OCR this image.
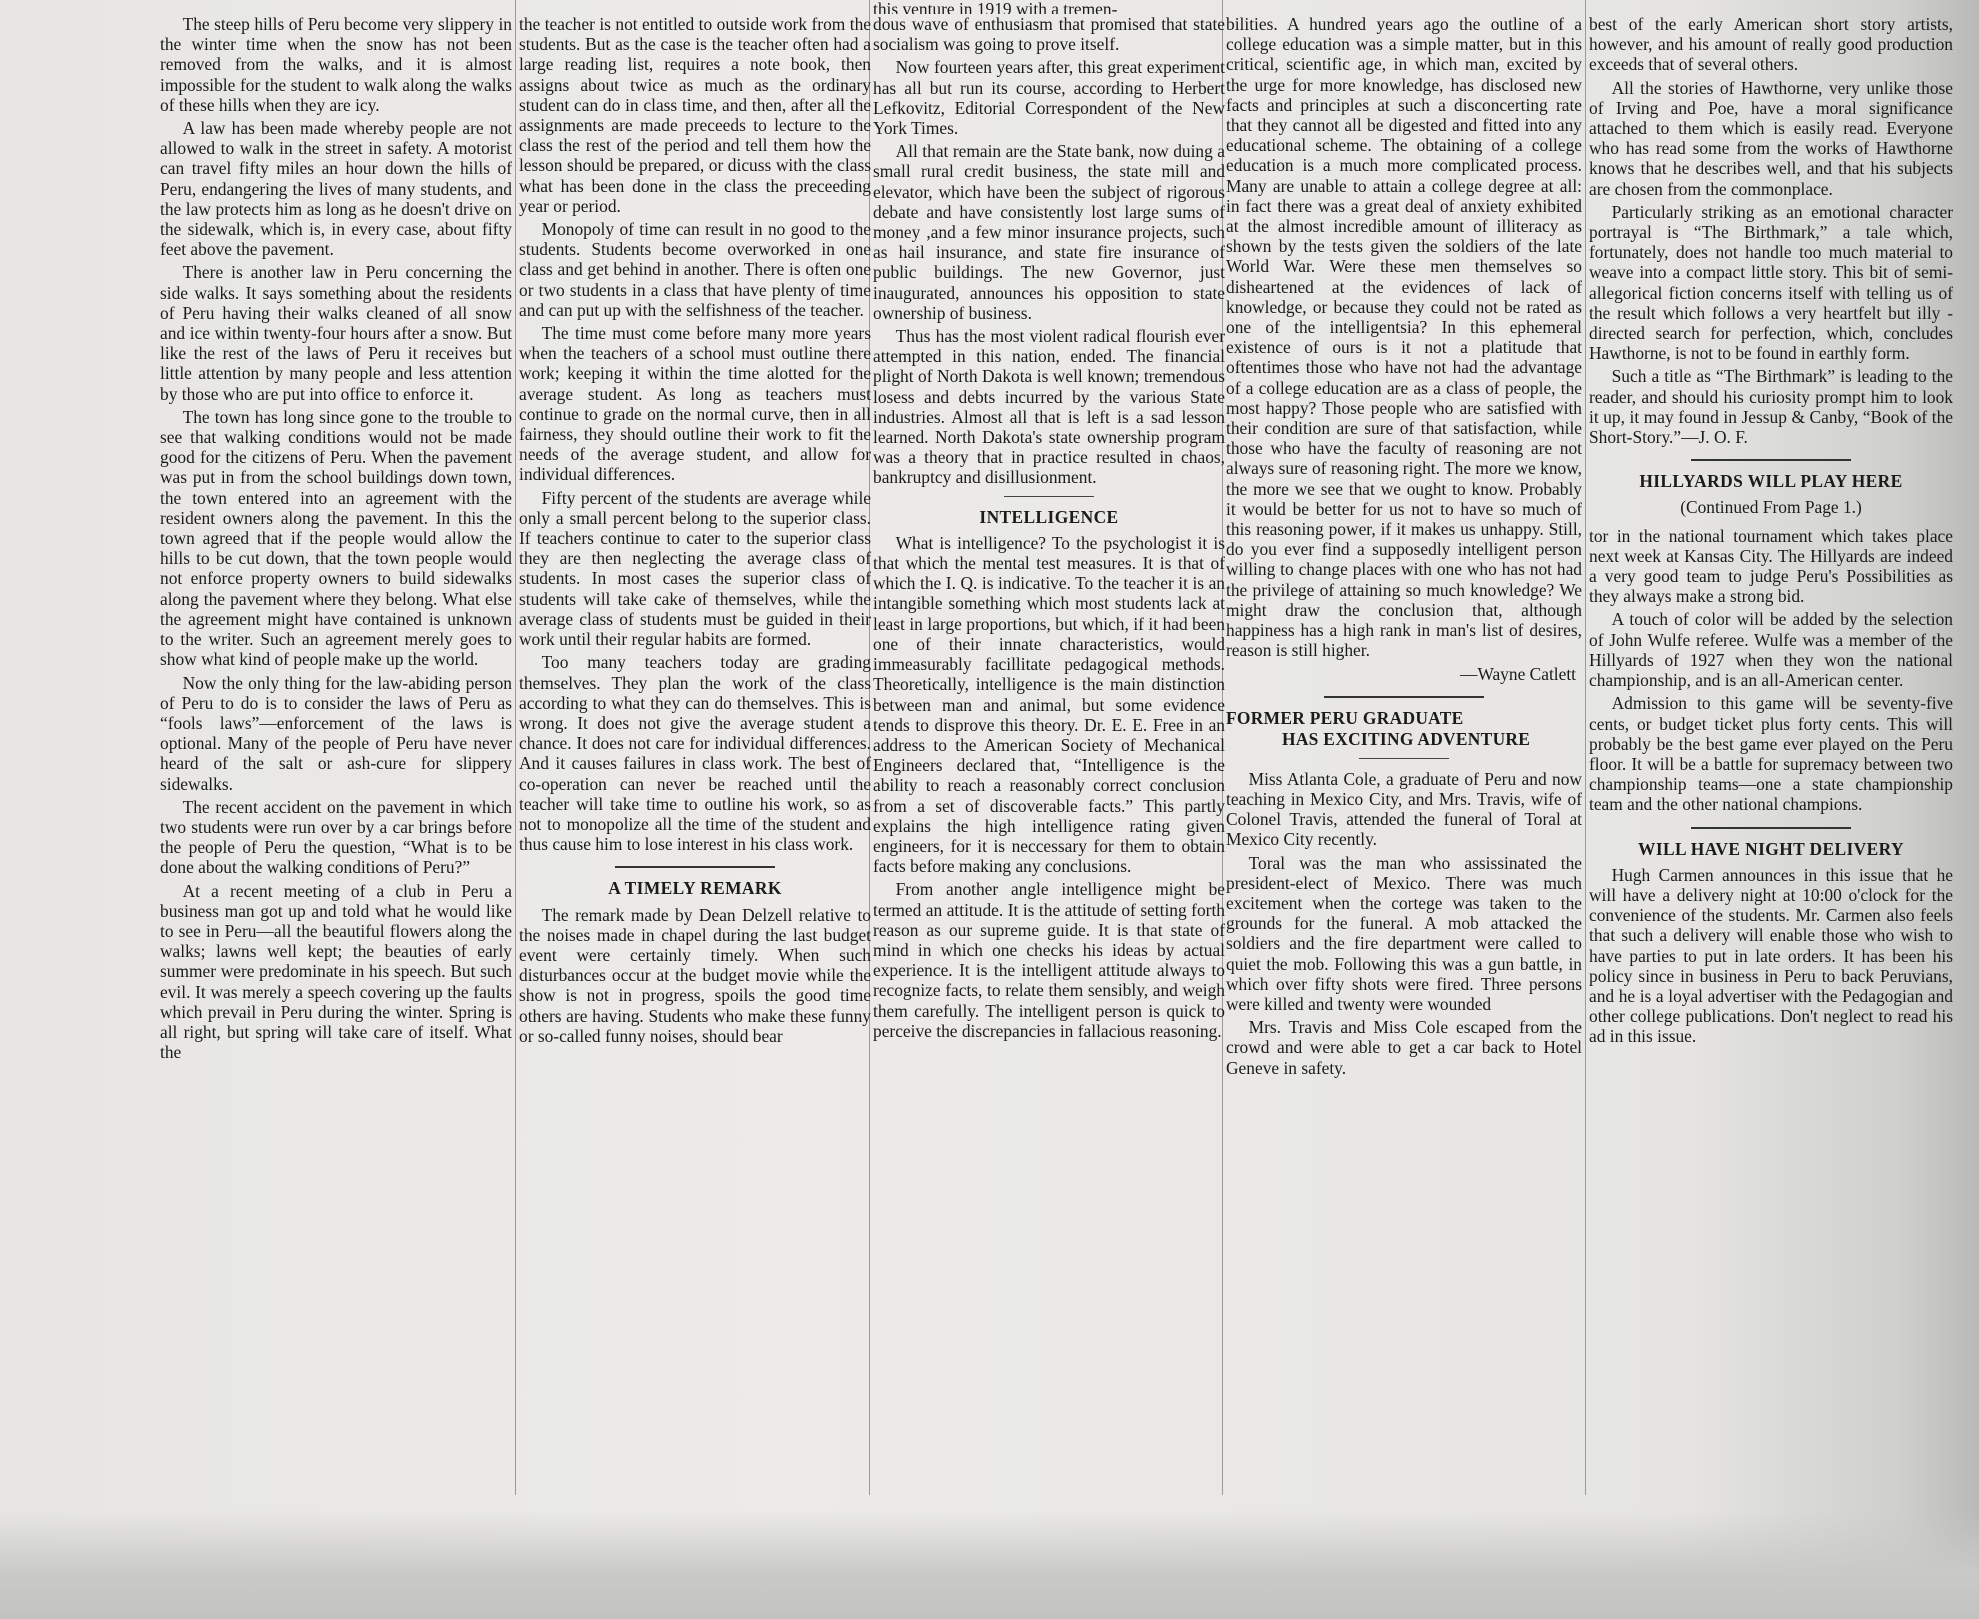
The steep hills of Peru become very slippery in the winter time when the snow has not been removed from the walks, and it is almost impossible for the student to walk along the walks of these hills when they are icy.

A law has been made whereby people are not allowed to walk in the street in safety. A motorist can travel fifty miles an hour down the hills of Peru, endangering the lives of many students, and the law protects him as long as he doesn't drive on the sidewalk, which is, in every case, about fifty feet above the pavement.

There is another law in Peru concerning the side walks. It says something about the residents of Peru having their walks cleaned of all snow and ice within twenty-four hours after a snow. But like the rest of the laws of Peru it receives but little attention by many people and less attention by those who are put into office to enforce it.

The town has long since gone to the trouble to see that walking conditions would not be made good for the citizens of Peru. When the pavement was put in from the school buildings down town, the town entered into an agreement with the resident owners along the pavement. In this the town agreed that if the people would allow the hills to be cut down, that the town people would not enforce property owners to build sidewalks along the pavement where they belong. What else the agreement might have contained is unknown to the writer. Such an agreement merely goes to show what kind of people make up the world.

Now the only thing for the law-abiding person of Peru to do is to consider the laws of Peru as “fools laws”—enforcement of the laws is optional. Many of the people of Peru have never heard of the salt or ash-cure for slippery sidewalks.

The recent accident on the pavement in which two students were run over by a car brings before the people of Peru the question, “What is to be done about the walking conditions of Peru?”

At a recent meeting of a club in Peru a business man got up and told what he would like to see in Peru—all the beautiful flowers along the walks; lawns well kept; the beauties of early summer were predominate in his speech. But such evil. It was merely a speech covering up the faults which prevail in Peru during the winter. Spring is all right, but spring will take care of itself. What the

the teacher is not entitled to outside work from the students. But as the case is the teacher often had a large reading list, requires a note book, then assigns about twice as much as the ordinary student can do in class time, and then, after all the assignments are made preceeds to lecture to the class the rest of the period and tell them how the lesson should be prepared, or dicuss with the class what has been done in the class the preceeding year or period.

Monopoly of time can result in no good to the students. Students become overworked in one class and get behind in another. There is often one or two students in a class that have plenty of time and can put up with the selfishness of the teacher.

The time must come before many more years when the teachers of a school must outline there work; keeping it within the time alotted for the average student. As long as teachers must continue to grade on the normal curve, then in all fairness, they should outline their work to fit the needs of the average student, and allow for individual differences.

Fifty percent of the students are average while only a small percent belong to the superior class. If teachers continue to cater to the superior class they are then neglecting the average class of students. In most cases the superior class of students will take cake of themselves, while the average class of students must be guided in their work until their regular habits are formed.

Too many teachers today are grading themselves. They plan the work of the class according to what they can do themselves. This is wrong. It does not give the average student a chance. It does not care for individual differences. And it causes failures in class work. The best of co-operation can never be reached until the teacher will take time to outline his work, so as not to monopolize all the time of the student and thus cause him to lose interest in his class work.

A TIMELY REMARK

The remark made by Dean Delzell relative to the noises made in chapel during the last budget event were certainly timely. When such disturbances occur at the budget movie while the show is not in progress, spoils the good time others are having. Students who make these funny or so-called funny noises, should bear

this venture in 1919 with a tremen-

dous wave of enthusiasm that promised that state socialism was going to prove itself.

Now fourteen years after, this great experiment has all but run its course, according to Herbert Lefkovitz, Editorial Correspondent of the New York Times.

All that remain are the State bank, now duing a small rural credit business, the state mill and elevator, which have been the subject of rigorous debate and have consistently lost large sums of money ,and a few minor insurance projects, such as hail insurance, and state fire insurance of public buildings. The new Governor, just inaugurated, announces his opposition to state ownership of business.

Thus has the most violent radical flourish ever attempted in this nation, ended. The financial plight of North Dakota is well known; tremendous losess and debts incurred by the various State industries. Almost all that is left is a sad lesson learned. North Dakota's state ownership program was a theory that in practice resulted in chaos, bankruptcy and disillusionment.

INTELLIGENCE

What is intelligence? To the psychologist it is that which the mental test measures. It is that of which the I. Q. is indicative. To the teacher it is an intangible something which most students lack at least in large proportions, but which, if it had been one of their innate characteristics, would immeasurably facillitate pedagogical methods. Theoretically, intelligence is the main distinction between man and animal, but some evidence tends to disprove this theory. Dr. E. E. Free in an address to the American Society of Mechanical Engineers declared that, “Intelligence is the ability to reach a reasonably correct conclusion from a set of discoverable facts.” This partly explains the high intelligence rating given engineers, for it is neccessary for them to obtain facts before making any conclusions.

From another angle intelligence might be termed an attitude. It is the attitude of setting forth reason as our supreme guide. It is that state of mind in which one checks his ideas by actual experience. It is the intelligent attitude always to recognize facts, to relate them sensibly, and weigh them carefully. The intelligent person is quick to perceive the discrepancies in fallacious reasoning.

bilities. A hundred years ago the outline of a college education was a simple matter, but in this critical, scientific age, in which man, excited by the urge for more knowledge, has disclosed new facts and principles at such a disconcerting rate that they cannot all be digested and fitted into any educational scheme. The obtaining of a college education is a much more complicated process. Many are unable to attain a college degree at all: in fact there was a great deal of anxiety exhibited at the almost incredible amount of illiteracy as shown by the tests given the soldiers of the late World War. Were these men themselves so disheartened at the evidences of lack of knowledge, or because they could not be rated as one of the intelligentsia? In this ephemeral existence of ours is it not a platitude that oftentimes those who have not had the advantage of a college education are as a class of people, the most happy? Those people who are satisfied with their condition are sure of that satisfaction, while those who have the faculty of reasoning are not always sure of reasoning right. The more we know, the more we see that we ought to know. Probably it would be better for us not to have so much of this reasoning power, if it makes us unhappy. Still, do you ever find a supposedly intelligent person willing to change places with one who has not had the privilege of attaining so much knowledge? We might draw the conclusion that, although happiness has a high rank in man's list of desires, reason is still higher.

—Wayne Catlett
FORMER PERU GRADUATE
HAS EXCITING ADVENTURE

Miss Atlanta Cole, a graduate of Peru and now teaching in Mexico City, and Mrs. Travis, wife of Colonel Travis, attended the funeral of Toral at Mexico City recently.

Toral was the man who assissinated the president-elect of Mexico. There was much excitement when the cortege was taken to the grounds for the funeral. A mob attacked the soldiers and the fire department were called to quiet the mob. Following this was a gun battle, in which over fifty shots were fired. Three persons were killed and twenty were wounded

Mrs. Travis and Miss Cole escaped from the crowd and were able to get a car back to Hotel Geneve in safety.

best of the early American short story artists, however, and his amount of really good production exceeds that of several others.

All the stories of Hawthorne, very unlike those of Irving and Poe, have a moral significance attached to them which is easily read. Everyone who has read some from the works of Hawthorne knows that he describes well, and that his subjects are chosen from the commonplace.

Particularly striking as an emotional character portrayal is “The Birthmark,” a tale which, fortunately, does not handle too much material to weave into a compact little story. This bit of semi-allegorical fiction concerns itself with telling us of the result which follows a very heartfelt but illy - directed search for perfection, which, concludes Hawthorne, is not to be found in earthly form.

Such a title as “The Birthmark” is leading to the reader, and should his curiosity prompt him to look it up, it may found in Jessup & Canby, “Book of the Short-Story.”—J. O. F.

HILLYARDS WILL PLAY HERE
(Continued From Page 1.)

tor in the national tournament which takes place next week at Kansas City. The Hillyards are indeed a very good team to judge Peru's Possibilities as they always make a strong bid.

A touch of color will be added by the selection of John Wulfe referee. Wulfe was a member of the Hillyards of 1927 when they won the national championship, and is an all-American center.

Admission to this game will be seventy-five cents, or budget ticket plus forty cents. This will probably be the best game ever played on the Peru floor. It will be a battle for supremacy between two championship teams—one a state championship team and the other national champions.

WILL HAVE NIGHT DELIVERY

Hugh Carmen announces in this issue that he will have a delivery night at 10:00 o'clock for the convenience of the students. Mr. Carmen also feels that such a delivery will enable those who wish to have parties to put in late orders. It has been his policy since in business in Peru to back Peruvians, and he is a loyal advertiser with the Pedagogian and other college publications. Don't neglect to read his ad in this issue.
